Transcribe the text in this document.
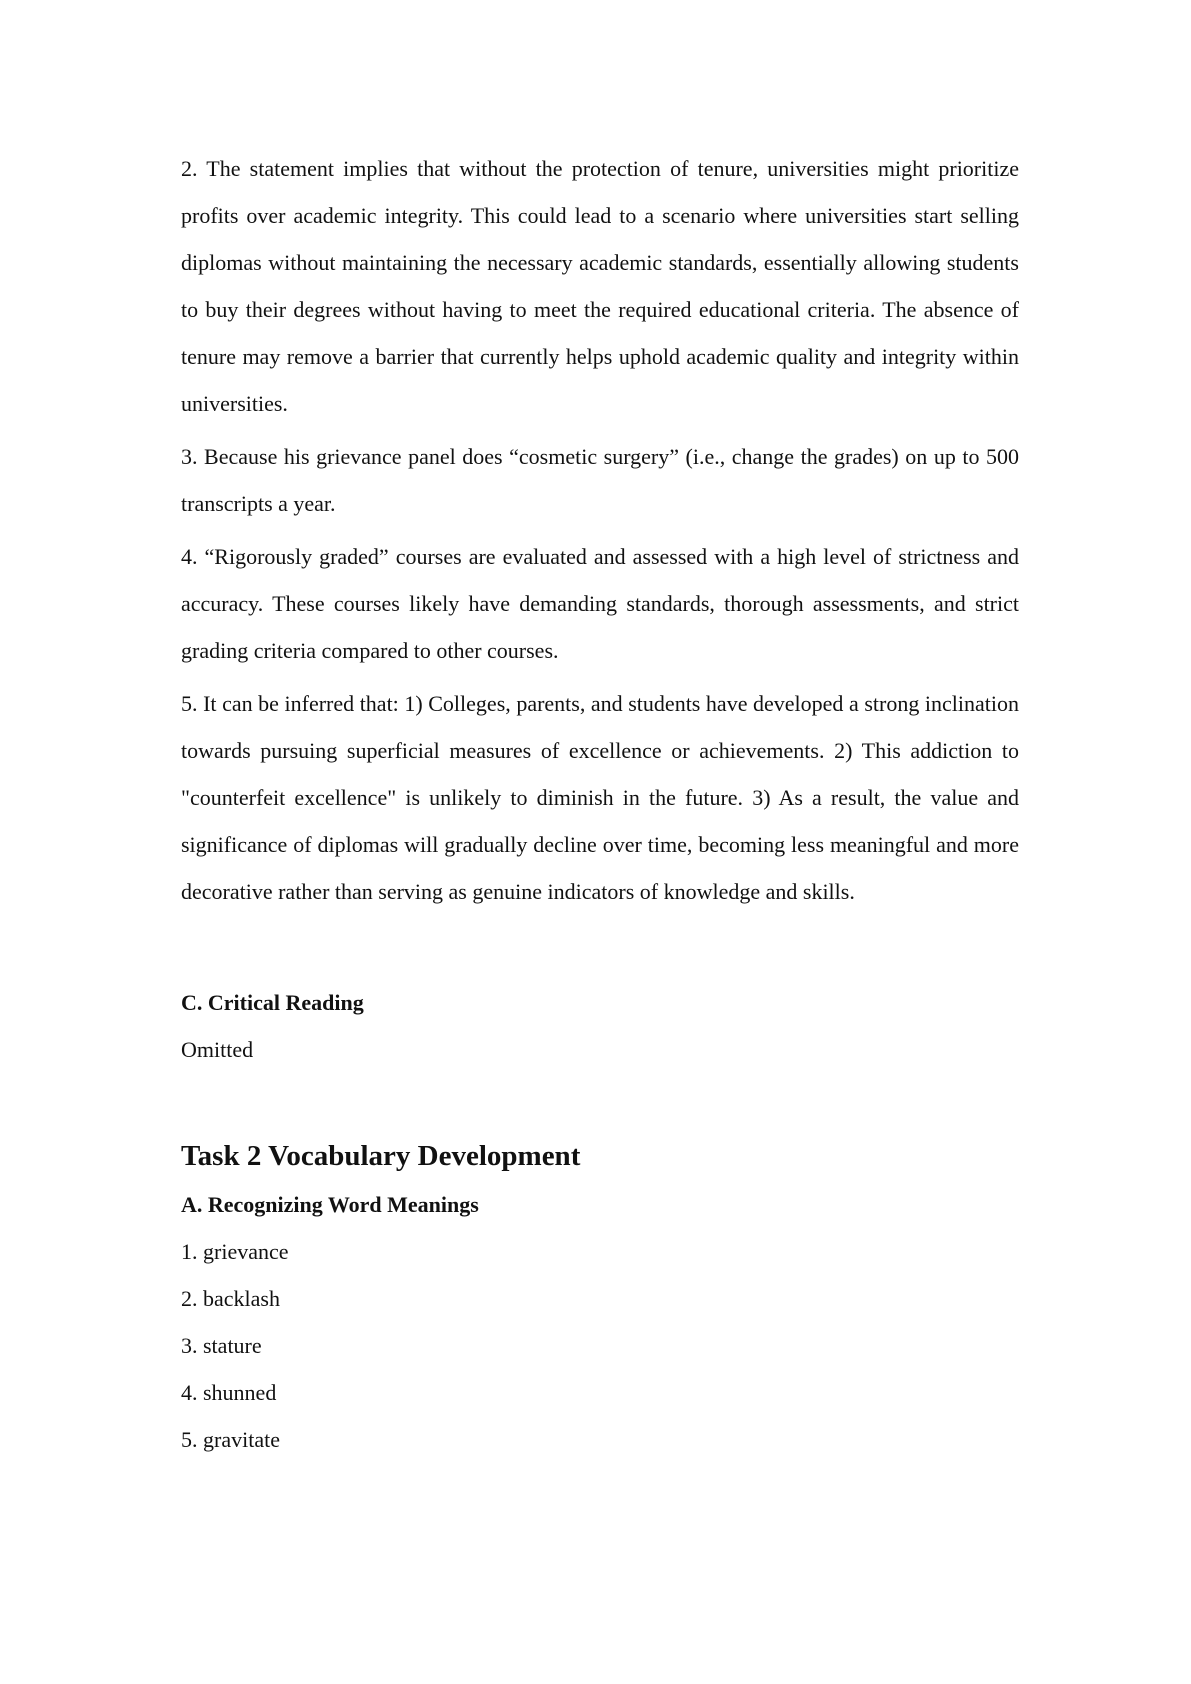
2. The statement implies that without the protection of tenure, universities might prioritize profits over academic integrity. This could lead to a scenario where universities start selling diplomas without maintaining the necessary academic standards, essentially allowing students to buy their degrees without having to meet the required educational criteria. The absence of tenure may remove a barrier that currently helps uphold academic quality and integrity within universities.

3. Because his grievance panel does “cosmetic surgery” (i.e., change the grades) on up to 500 transcripts a year.

4. “Rigorously graded” courses are evaluated and assessed with a high level of strictness and accuracy. These courses likely have demanding standards, thorough assessments, and strict grading criteria compared to other courses.

5. It can be inferred that: 1) Colleges, parents, and students have developed a strong inclination towards pursuing superficial measures of excellence or achievements. 2) This addiction to "counterfeit excellence" is unlikely to diminish in the future. 3) As a result, the value and significance of diplomas will gradually decline over time, becoming less meaningful and more decorative rather than serving as genuine indicators of knowledge and skills.

C. Critical Reading

Omitted

Task 2 Vocabulary Development

A. Recognizing Word Meanings

1. grievance
2. backlash
3. stature
4. shunned
5. gravitate
